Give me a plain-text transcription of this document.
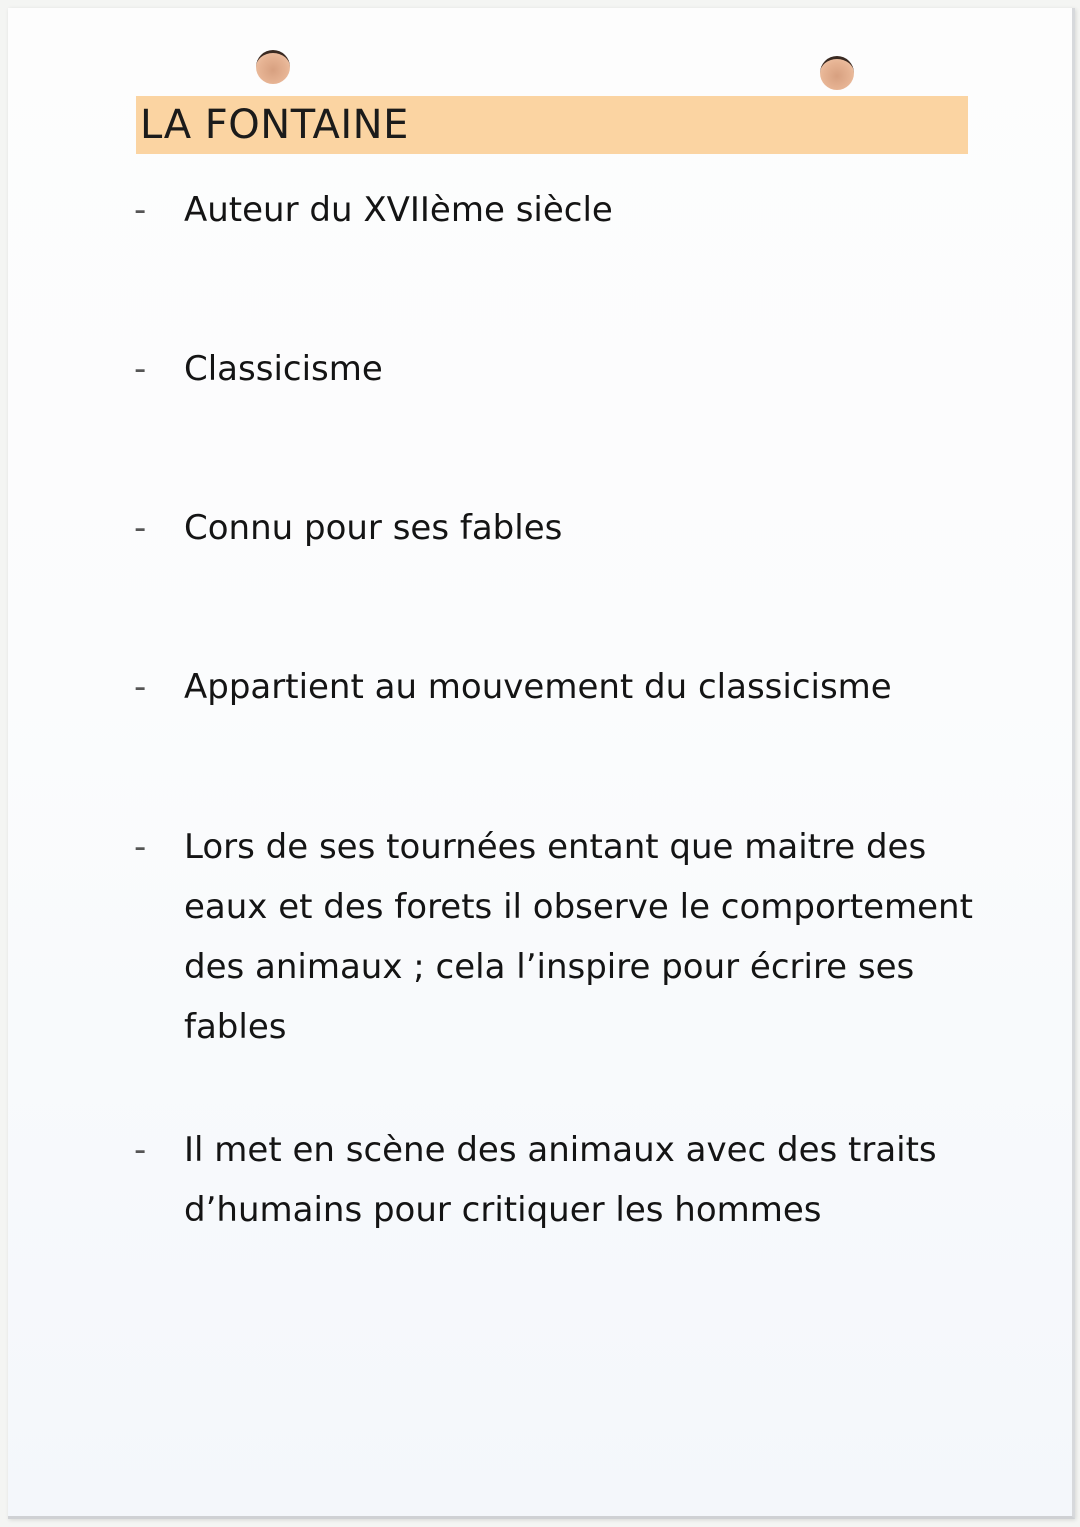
LA FONTAINE
-	Auteur du XVIIème siècle
-	Classicisme
-	Connu pour ses fables
-	Appartient au mouvement du classicisme
-	Lors de ses tournées entant que maitre des eaux et des forets il observe le comportement des animaux ; cela l’inspire pour écrire ses fables
-	Il met en scène des animaux avec des traits d’humains pour critiquer les hommes
